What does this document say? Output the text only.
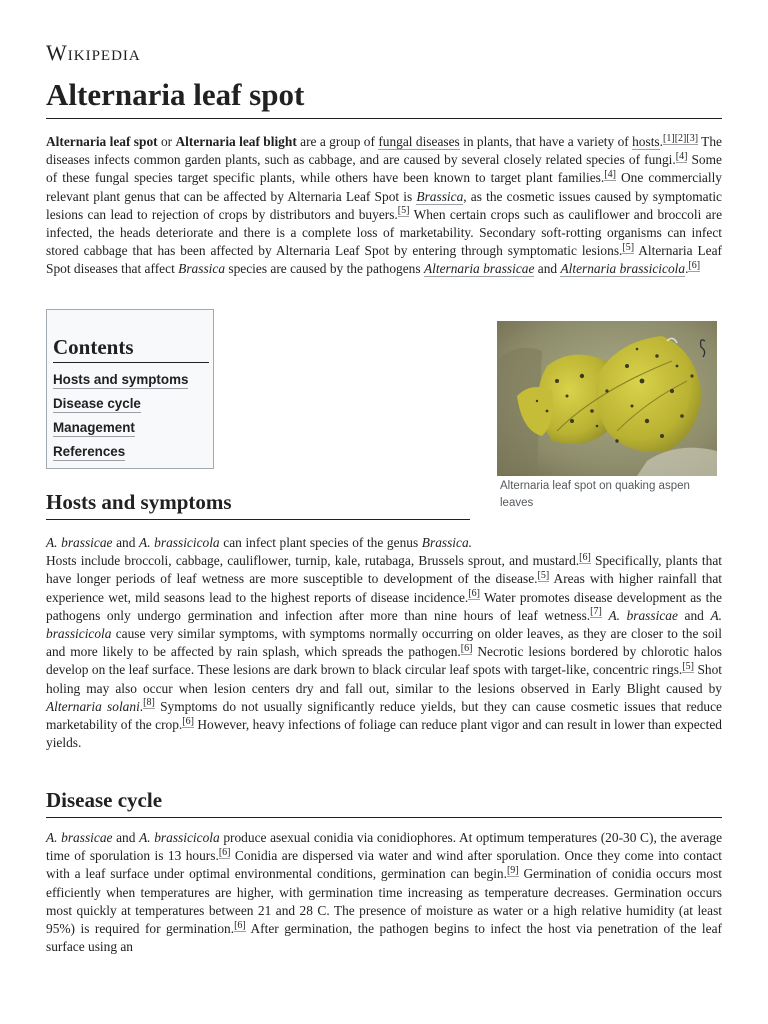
Wikipedia
Alternaria leaf spot

Alternaria leaf spot or Alternaria leaf blight are a group of fungal diseases in plants, that have a variety of hosts.[1][2][3] The diseases infects common garden plants, such as cabbage, and are caused by several closely related species of fungi.[4] Some of these fungal species target specific plants, while others have been known to target plant families.[4] One commercially relevant plant genus that can be affected by Alternaria Leaf Spot is Brassica, as the cosmetic issues caused by symptomatic lesions can lead to rejection of crops by distributors and buyers.[5] When certain crops such as cauliflower and broccoli are infected, the heads deteriorate and there is a complete loss of marketability. Secondary soft-rotting organisms can infect stored cabbage that has been affected by Alternaria Leaf Spot by entering through symptomatic lesions.[5] Alternaria Leaf Spot diseases that affect Brassica species are caused by the pathogens Alternaria brassicae and Alternaria brassicicola.[6]

Contents
Hosts and symptoms
Disease cycle
Management
References
Alternaria leaf spot on quaking aspen leaves
Hosts and symptoms

A. brassicae and A. brassicicola can infect plant species of the genus Brassica. Hosts include broccoli, cabbage, cauliflower, turnip, kale, rutabaga, Brussels sprout, and mustard.[6] Specifically, plants that have longer periods of leaf wetness are more susceptible to development of the disease.[5] Areas with higher rainfall that experience wet, mild seasons lead to the highest reports of disease incidence.[6] Water promotes disease development as the pathogens only undergo germination and infection after more than nine hours of leaf wetness.[7] A. brassicae and A. brassicicola cause very similar symptoms, with symptoms normally occurring on older leaves, as they are closer to the soil and more likely to be affected by rain splash, which spreads the pathogen.[6] Necrotic lesions bordered by chlorotic halos develop on the leaf surface. These lesions are dark brown to black circular leaf spots with target-like, concentric rings.[5] Shot holing may also occur when lesion centers dry and fall out, similar to the lesions observed in Early Blight caused by Alternaria solani.[8] Symptoms do not usually significantly reduce yields, but they can cause cosmetic issues that reduce marketability of the crop.[6] However, heavy infections of foliage can reduce plant vigor and can result in lower than expected yields.

Disease cycle

A. brassicae and A. brassicicola produce asexual conidia via conidiophores. At optimum temperatures (20-30 C), the average time of sporulation is 13 hours.[6] Conidia are dispersed via water and wind after sporulation. Once they come into contact with a leaf surface under optimal environmental conditions, germination can begin.[9] Germination of conidia occurs most efficiently when temperatures are higher, with germination time increasing as temperature decreases. Germination occurs most quickly at temperatures between 21 and 28 C. The presence of moisture as water or a high relative humidity (at least 95%) is required for germination.[6] After germination, the pathogen begins to infect the host via penetration of the leaf surface using an
